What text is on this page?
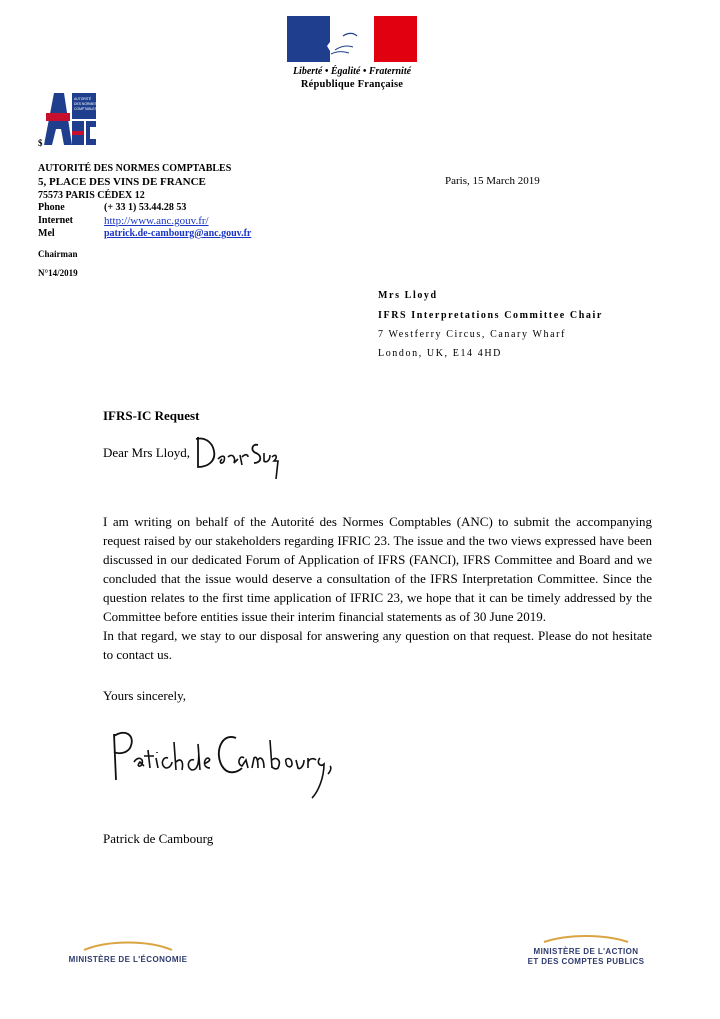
Liberté • Égalité • Fraternité
République Française
AUTORITÉ
DES NORMES
COMPTABLES
$
AUTORITÉ DES NORMES COMPTABLES
5, PLACE DES VINS DE FRANCE
75573 PARIS CÉDEX 12
Phone	(+ 33 1) 53.44.28 53
Internet	http://www.anc.gouv.fr/
Mel	patrick.de-cambourg@anc.gouv.fr
Chairman
N°14/2019
Paris, 15 March 2019
Mrs Lloyd
IFRS Interpretations Committee Chair
7 Westferry Circus, Canary Wharf
London, UK, E14 4HD
IFRS-IC Request
Dear Mrs Lloyd,
I am writing on behalf of the Autorité des Normes Comptables (ANC) to submit the accompanying request raised by our stakeholders regarding IFRIC 23. The issue and the two views expressed have been discussed in our dedicated Forum of Application of IFRS (FANCI), IFRS Committee and Board and we concluded that the issue would deserve a consultation of the IFRS Interpretation Committee. Since the question relates to the first time application of IFRIC 23, we hope that it can be timely addressed by the Committee before entities issue their interim financial statements as of 30 June 2019.
In that regard, we stay to our disposal for answering any question on that request. Please do not hesitate to contact us.
Yours sincerely,
Patrick de Cambourg
MINISTÈRE DE L'ÉCONOMIE
MINISTÈRE DE L'ACTION
ET DES COMPTES PUBLICS
